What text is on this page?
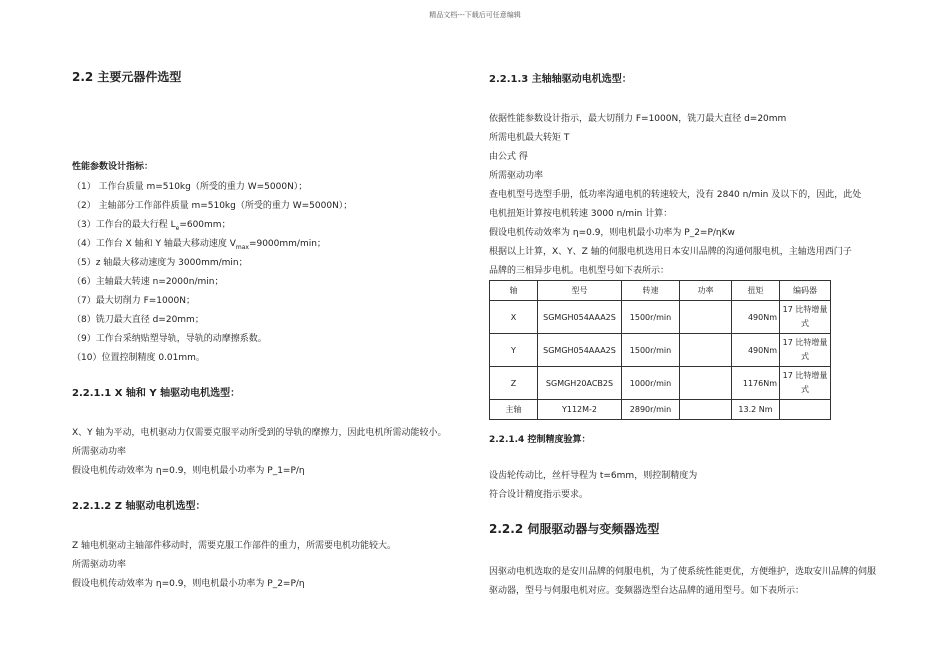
精品文档---下载后可任意编辑
2.2 主要元器件选型
性能参数设计指标：
（1） 工作台质量 m=510kg（所受的重力 W=5000N）；
（2） 主轴部分工作部件质量 m=510kg（所受的重力 W=5000N）；
（3）工作台的最大行程 $L_e=600mm$；
（4）工作台 X 轴和 Y 轴最大移动速度 $V_{max}=9000mm/\min$；
（5）z 轴最大移动速度为 3000mm/min；
（6）主轴最大转速 n=2000n/min；
（7）最大切削力 F=1000N；
（8）铣刀最大直径 d=20mm；
（9）工作台采纳贴塑导轨，导轨的动摩擦系数。
（10）位置控制精度 0.01mm。
2.2.1.1 X 轴和 Y 轴驱动电机选型：
X、Y 轴为平动，电机驱动力仅需要克服平动所受到的导轨的摩擦力，因此电机所需动能较小。
所需驱动功率
假设电机传动效率为 η=0.9，则电机最小功率为 P_1=P/η
2.2.1.2 Z 轴驱动电机选型：
Z 轴电机驱动主轴部件移动时，需要克服工作部件的重力，所需要电机功能较大。
所需驱动功率
假设电机传动效率为 η=0.9，则电机最小功率为 P_2=P/η
2.2.1.3 主轴轴驱动电机选型：
依据性能参数设计指示，最大切削力 F=1000N，铣刀最大直径 d=20mm
所需电机最大转矩 T
由公式 得
所需驱动功率
查电机型号选型手册，低功率沟通电机的转速较大，没有 2840 n/min 及以下的，因此，此处
电机扭矩计算按电机转速 3000 n/min 计算：
假设电机传动效率为 η=0.9，则电机最小功率为 P_2=P/ηKw
根据以上计算，X、Y、Z 轴的伺服电机选用日本安川品牌的沟通伺服电机，主轴选用西门子
品牌的三相异步电机。电机型号如下表所示：
轴	型号	转速	功率	扭矩	编码器
X	SGMGH054AAA2S	1500r/min		490Nm	17 比特增量式
Y	SGMGH054AAA2S	1500r/min		490Nm	17 比特增量式
Z	SGMGH20ACB2S	1000r/min		1176Nm	17 比特增量式
主轴	Y112M-2	2890r/min		13.2 Nm	
2.2.1.4 控制精度验算：
设齿轮传动比，丝杆导程为 t=6mm，则控制精度为
符合设计精度指示要求。
2.2.2 伺服驱动器与变频器选型
因驱动电机选取的是安川品牌的伺服电机，为了使系统性能更优，方便维护，选取安川品牌的伺服驱动器，型号与伺服电机对应。变频器选型台达品牌的通用型号。如下表所示：
